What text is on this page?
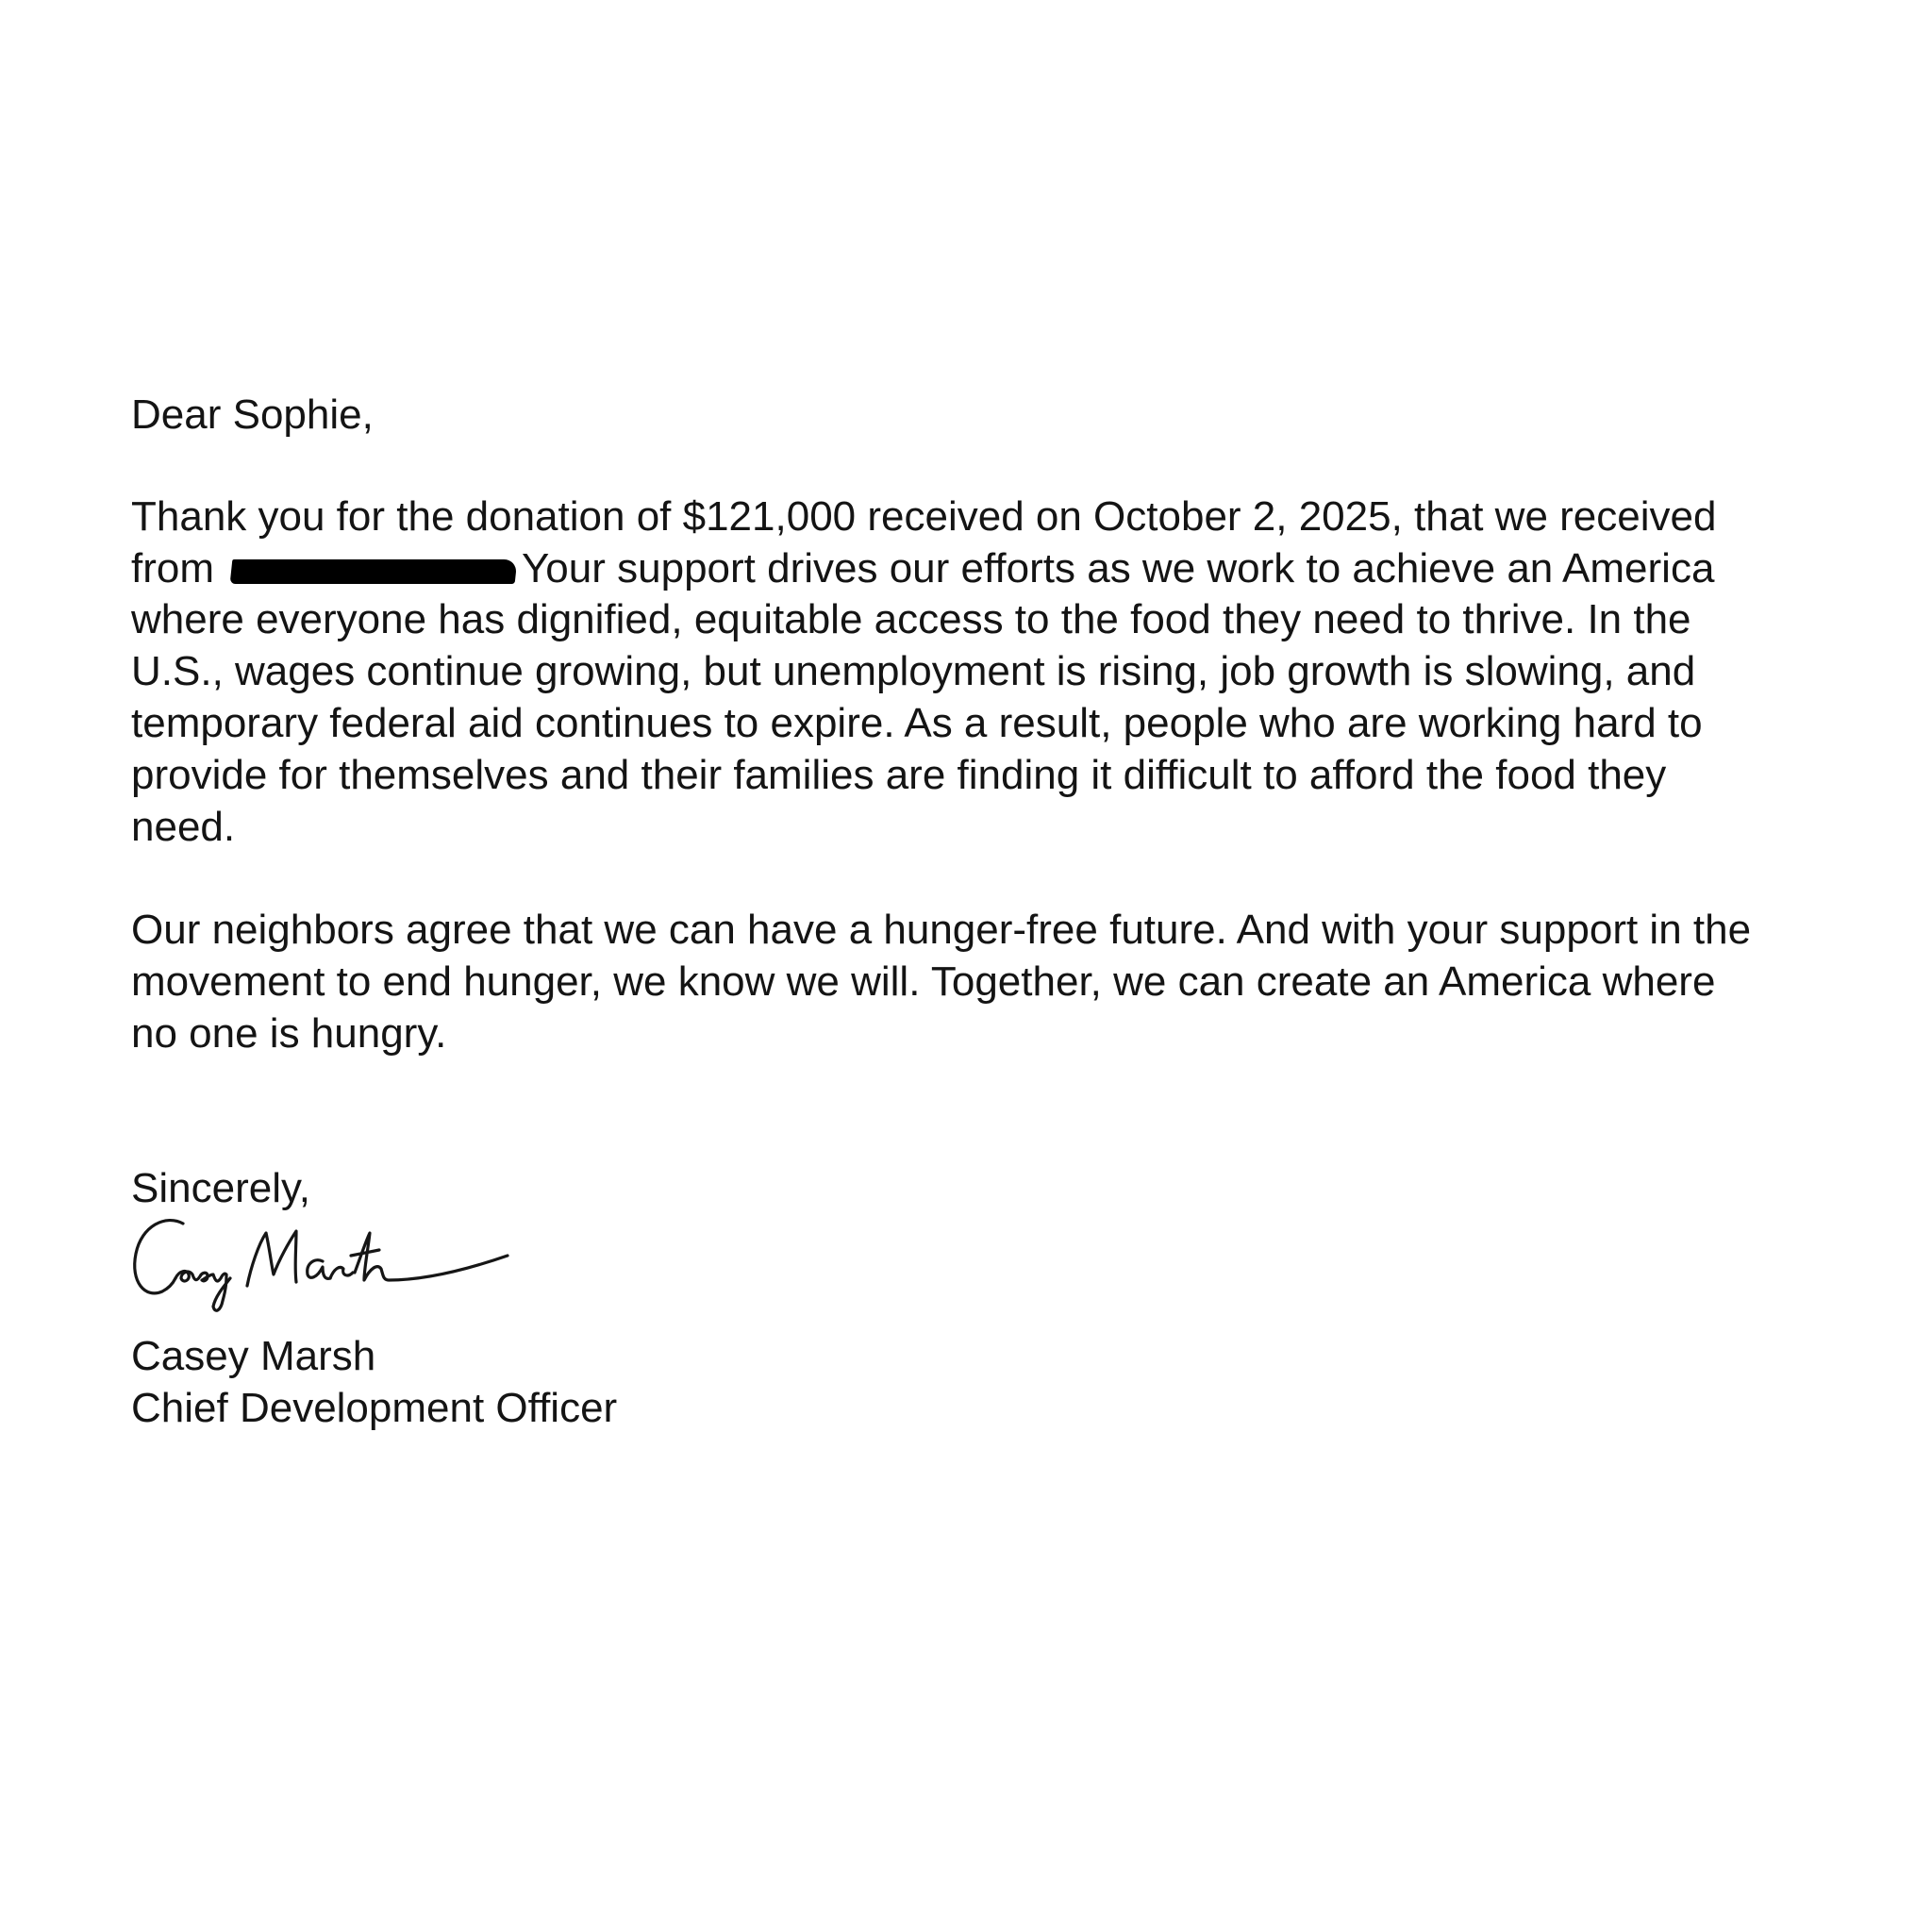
Dear Sophie,
Thank you for the donation of $121,000 received on October 2, 2025, that we received
from	Your support drives our efforts as we work to achieve an America
where everyone has dignified, equitable access to the food they need to thrive. In the
U.S., wages continue growing, but unemployment is rising, job growth is slowing, and
temporary federal aid continues to expire. As a result, people who are working hard to
provide for themselves and their families are finding it difficult to afford the food they
need.
Our neighbors agree that we can have a hunger-free future. And with your support in the
movement to end hunger, we know we will. Together, we can create an America where
no one is hungry.
Sincerely,
Casey Marsh
Chief Development Officer
